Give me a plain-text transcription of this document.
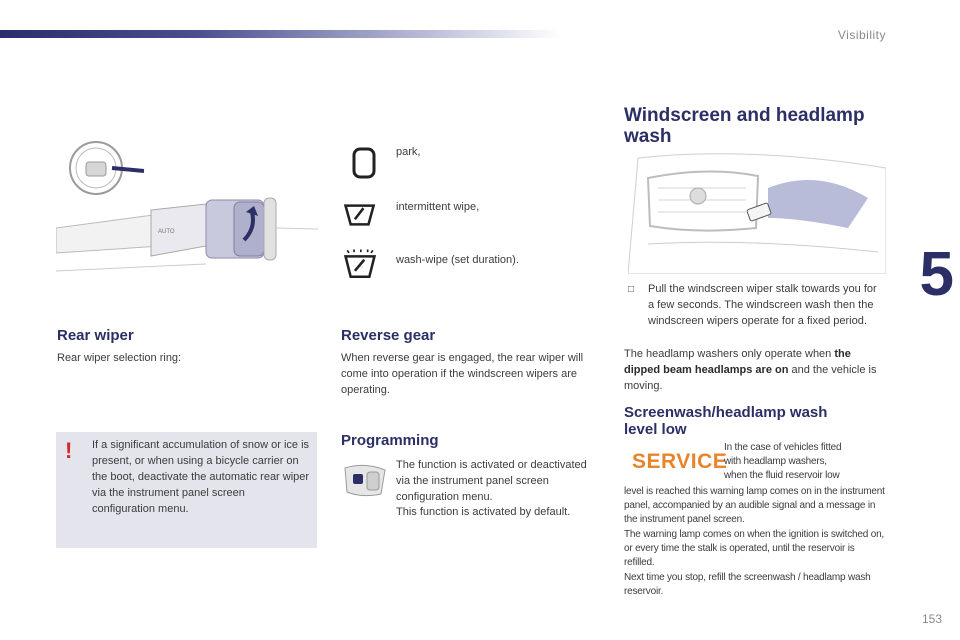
Visibility
5
153
AUTO
Rear wiper
Rear wiper selection ring:
! If a significant accumulation of snow or ice is present, or when using a bicycle carrier on the boot, deactivate the automatic rear wiper via the instrument panel screen configuration menu.
park,
intermittent wipe,
wash-wipe (set duration).
Reverse gear
When reverse gear is engaged, the rear wiper will come into operation if the windscreen wipers are operating.
Programming
The function is activated or deactivated via the instrument panel screen configuration menu.
This function is activated by default.
Windscreen and headlamp
wash
□ Pull the windscreen wiper stalk towards you for a few seconds. The windscreen wash then the windscreen wipers operate for a fixed period.
The headlamp washers only operate when the dipped beam headlamps are on and the vehicle is moving.
Screenwash/headlamp wash
level low
SERVICE
In the case of vehicles fitted
with headlamp washers,
when the fluid reservoir low
level is reached this warning lamp comes on in the instrument panel, accompanied by an audible signal and a message in the instrument panel screen.
The warning lamp comes on when the ignition is switched on, or every time the stalk is operated, until the reservoir is refilled.
Next time you stop, refill the screenwash / headlamp wash reservoir.
